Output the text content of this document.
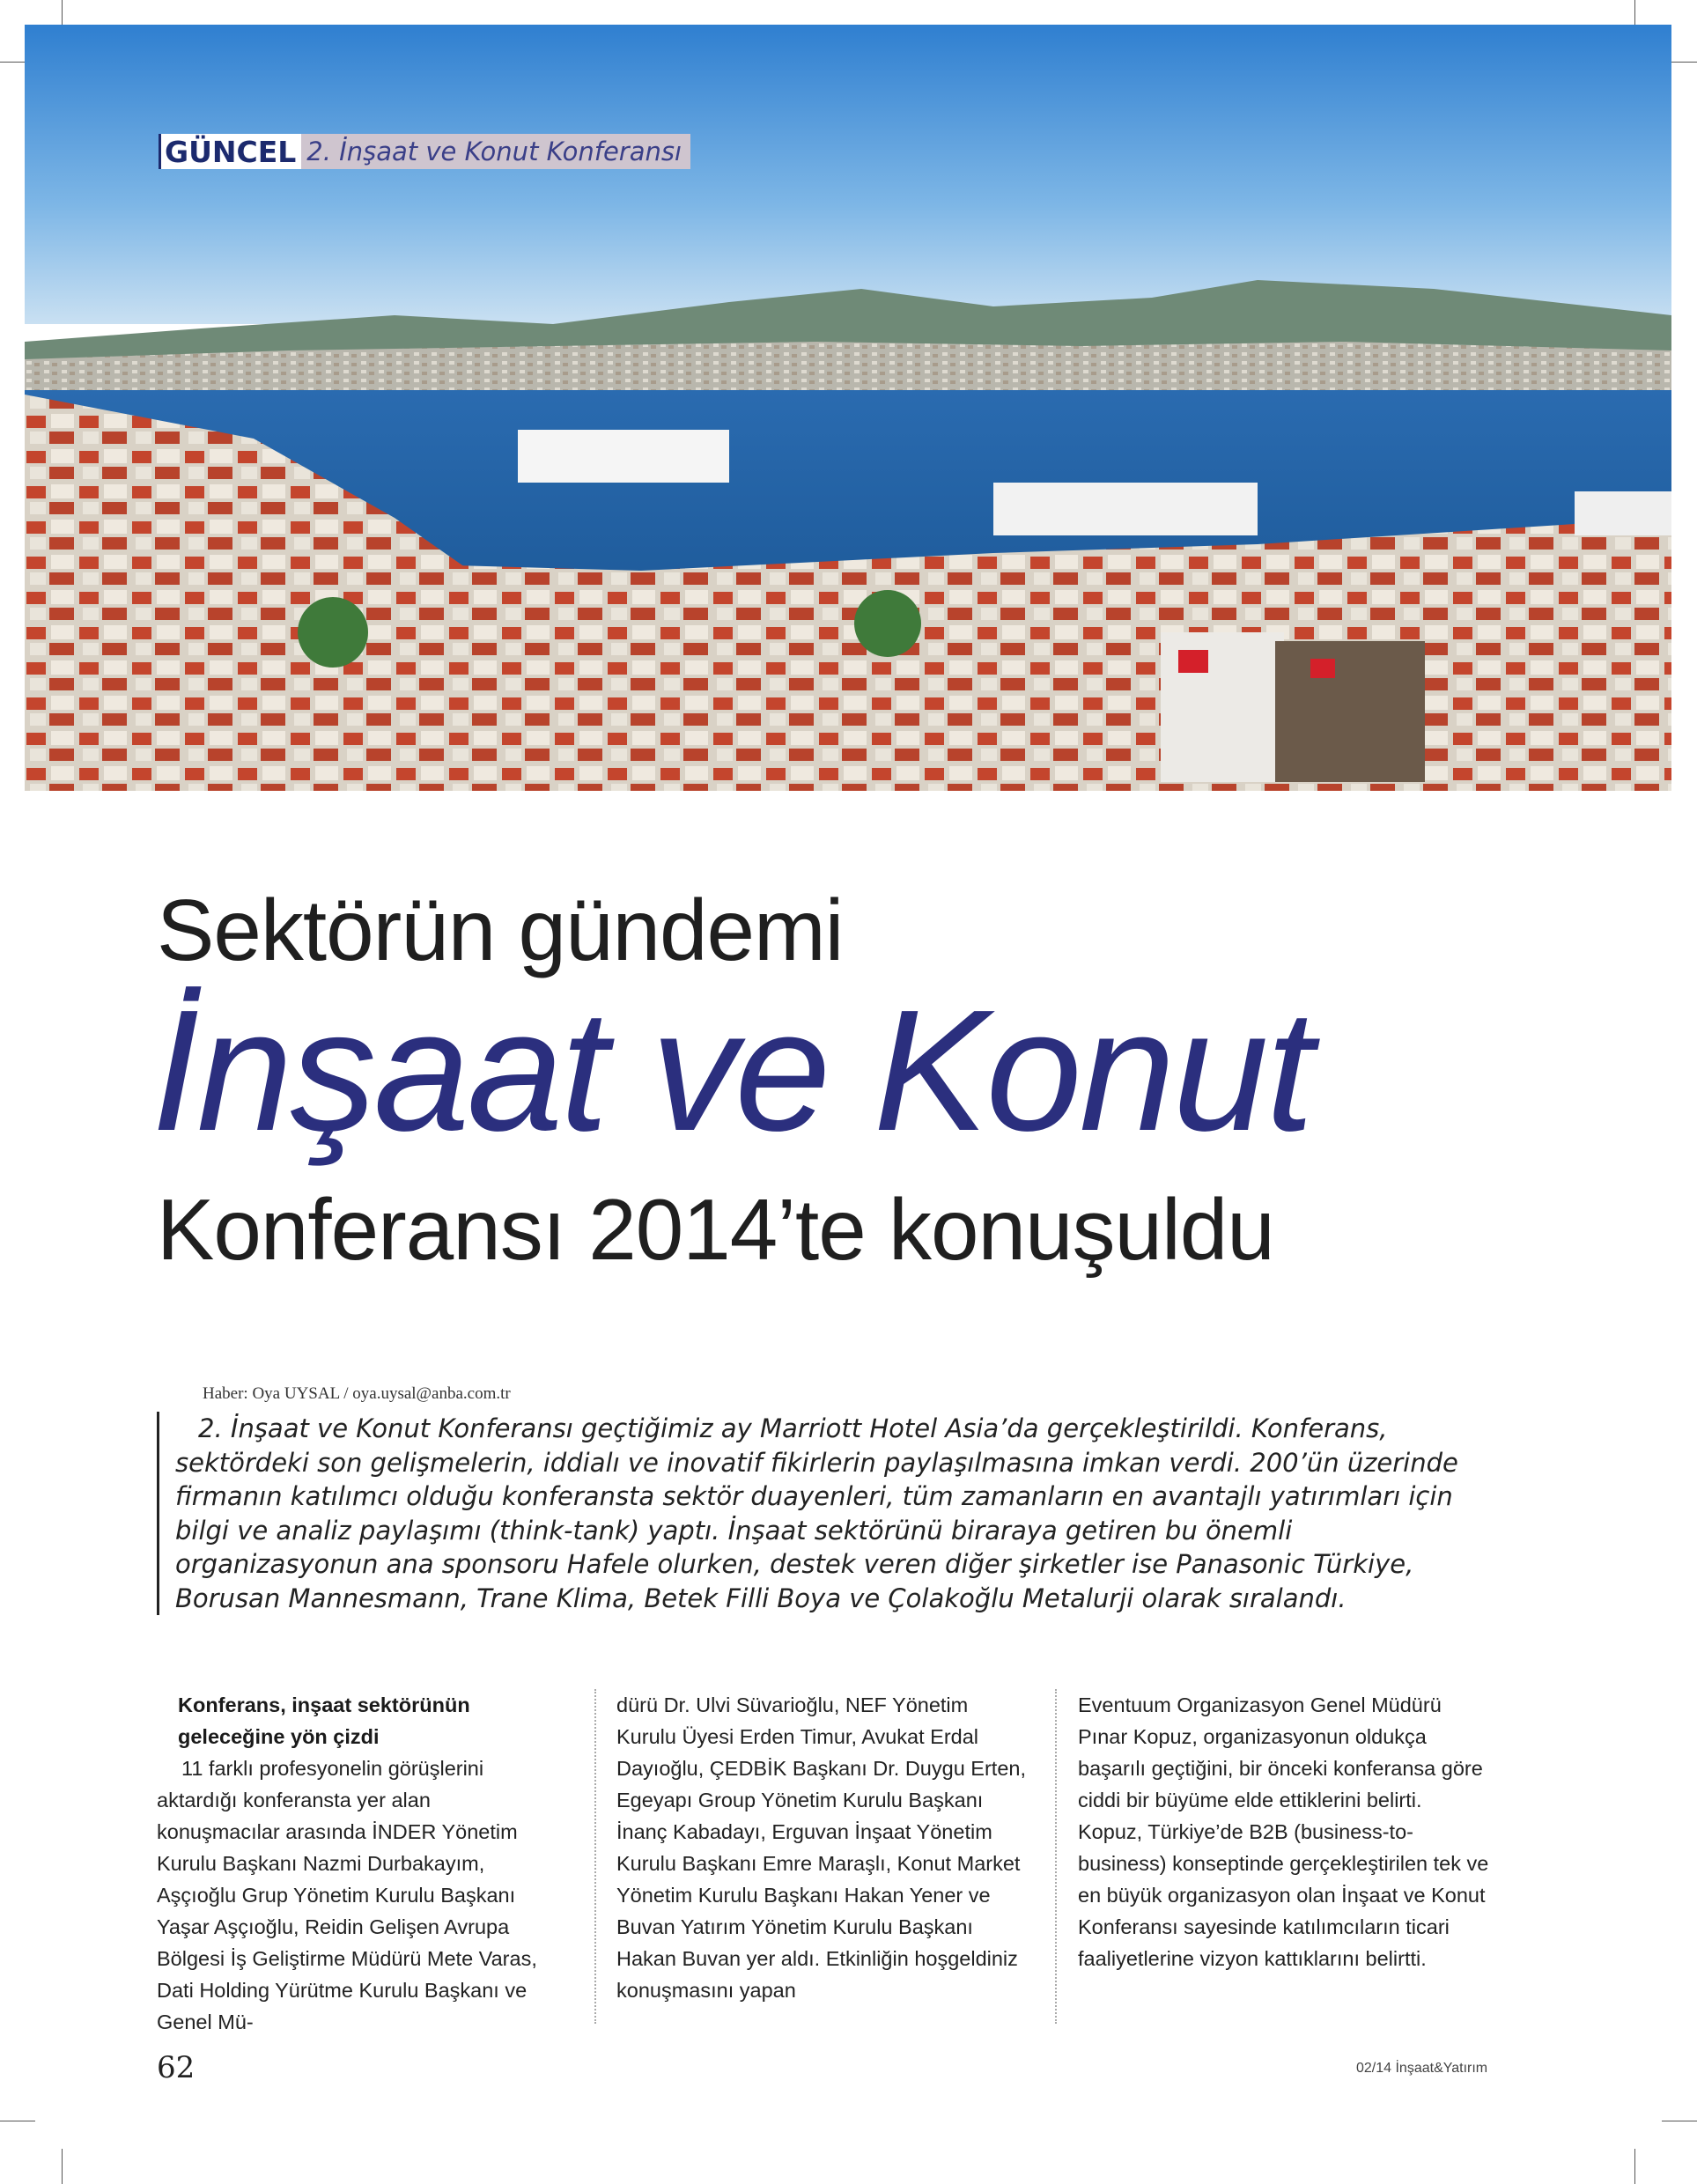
GÜNCEL 2. İnşaat ve Konut Konferansı
Sektörün gündemi
İnşaat ve Konut
Konferansı 2014’te konuşuldu
Haber: Oya UYSAL / oya.uysal@anba.com.tr
2. İnşaat ve Konut Konferansı geçtiğimiz ay Marriott Hotel Asia’da gerçekleştirildi. Konferans, sektördeki son gelişmelerin, iddialı ve inovatif fikirlerin paylaşılmasına imkan verdi. 200’ün üzerinde firmanın katılımcı olduğu konferansta sektör duayenleri, tüm zamanların en avantajlı yatırımları için bilgi ve analiz paylaşımı (think-tank) yaptı. İnşaat sektörünü biraraya getiren bu önemli organizasyonun ana sponsoru Hafele olurken, destek veren diğer şirketler ise Panasonic Türkiye, Borusan Mannesmann, Trane Klima, Betek Filli Boya ve Çolakoğlu Metalurji olarak sıralandı.
Konferans, inşaat sektörünün geleceğine yön çizdi
11 farklı profesyonelin görüşlerini aktardığı konferansta yer alan konuşmacılar arasında İNDER Yönetim Kurulu Başkanı Nazmi Durbakayım, Aşçıoğlu Grup Yönetim Kurulu Başkanı Yaşar Aşçıoğlu, Reidin Gelişen Avrupa Bölgesi İş Geliştirme Müdürü Mete Varas, Dati Holding Yürütme Kurulu Başkanı ve Genel Mü-
dürü Dr. Ulvi Süvarioğlu, NEF Yönetim Kurulu Üyesi Erden Timur, Avukat Erdal Dayıoğlu, ÇEDBİK Başkanı Dr. Duygu Erten, Egeyapı Group Yönetim Kurulu Başkanı İnanç Kabadayı, Erguvan İnşaat Yönetim Kurulu Başkanı Emre Maraşlı, Konut Market Yönetim Kurulu Başkanı Hakan Yener ve Buvan Yatırım Yönetim Kurulu Başkanı Hakan Buvan yer aldı. Etkinliğin hoşgeldiniz konuşmasını yapan
Eventuum Organizasyon Genel Müdürü Pınar Kopuz, organizasyonun oldukça başarılı geçtiğini, bir önceki konferansa göre ciddi bir büyüme elde ettiklerini belirti. Kopuz, Türkiye’de B2B (business-to-business) konseptinde gerçekleştirilen tek ve en büyük organizasyon olan İnşaat ve Konut Konferansı sayesinde katılımcıların ticari faaliyetlerine vizyon kattıklarını belirtti.
62	02/14 İnşaat&Yatırım
